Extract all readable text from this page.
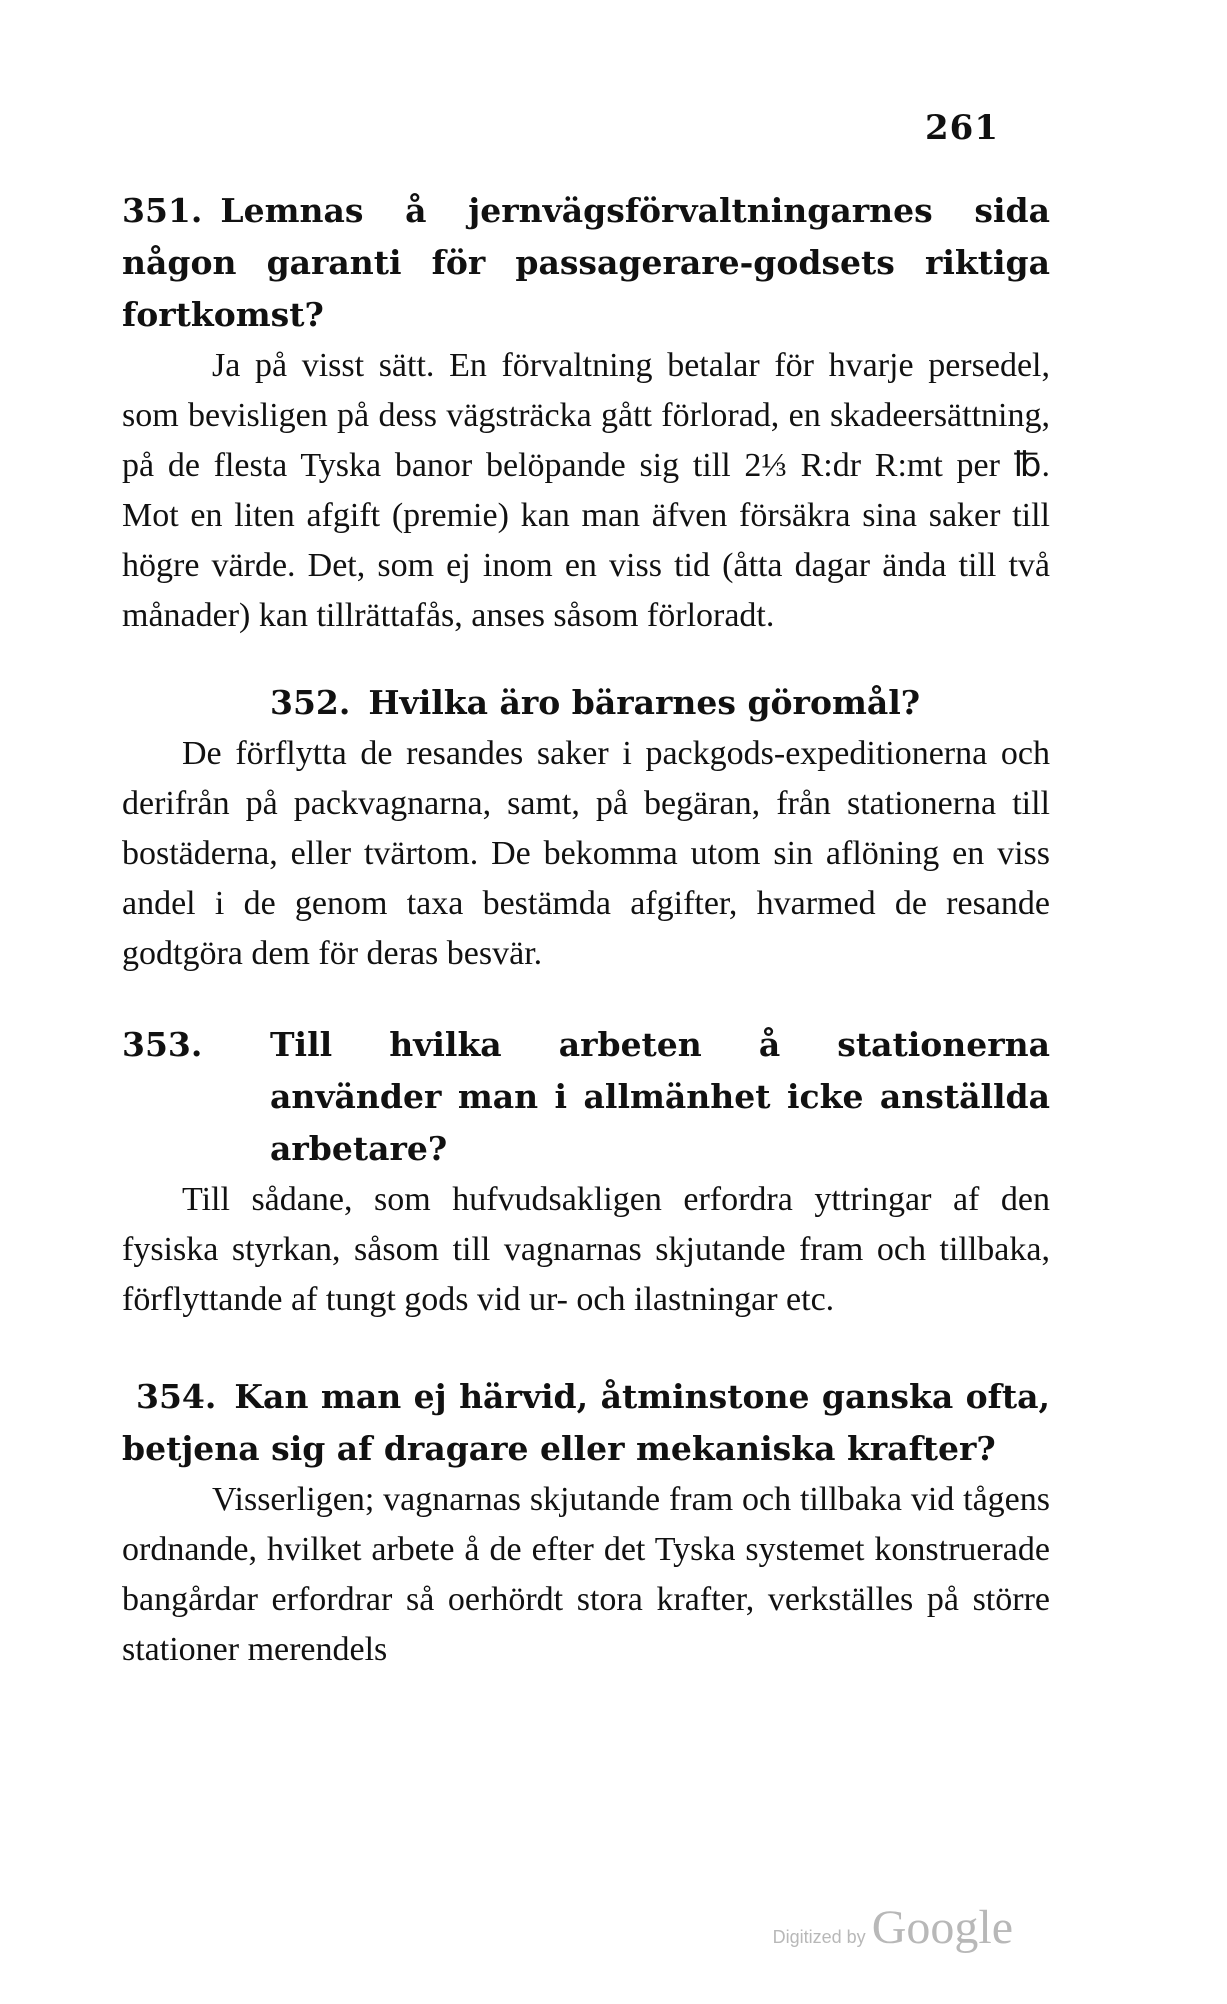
261

351. Lemnas å jernvägsförvaltningarnes sida någon garanti för passagerare-godsets riktiga fortkomst?

Ja på visst sätt. En förvaltning betalar för hvarje persedel, som bevisligen på dess vägsträcka gått förlorad, en skadeersättning, på de flesta Tyska banor belöpande sig till 2⅓ R:dr R:mt per ℔. Mot en liten afgift (premie) kan man äfven försäkra sina saker till högre värde. Det, som ej inom en viss tid (åtta dagar ända till två månader) kan tillrättafås, anses såsom förloradt.

352. Hvilka äro bärarnes göromål?

De förflytta de resandes saker i packgods-expeditionerna och derifrån på packvagnarna, samt, på begäran, från stationerna till bostäderna, eller tvärtom. De bekomma utom sin aflöning en viss andel i de genom taxa bestämda afgifter, hvarmed de resande godtgöra dem för deras besvär.

353. Till hvilka arbeten å stationerna använder man i allmänhet icke anställda arbetare?

Till sådane, som hufvudsakligen erfordra yttringar af den fysiska styrkan, såsom till vagnarnas skjutande fram och tillbaka, förflyttande af tungt gods vid ur- och ilastningar etc.

354. Kan man ej härvid, åtminstone ganska ofta, betjena sig af dragare eller mekaniska krafter?

Visserligen; vagnarnas skjutande fram och tillbaka vid tågens ordnande, hvilket arbete å de efter det Tyska systemet konstruerade bangårdar erfordrar så oerhördt stora krafter, verkställes på större stationer merendels

Digitized by Google
